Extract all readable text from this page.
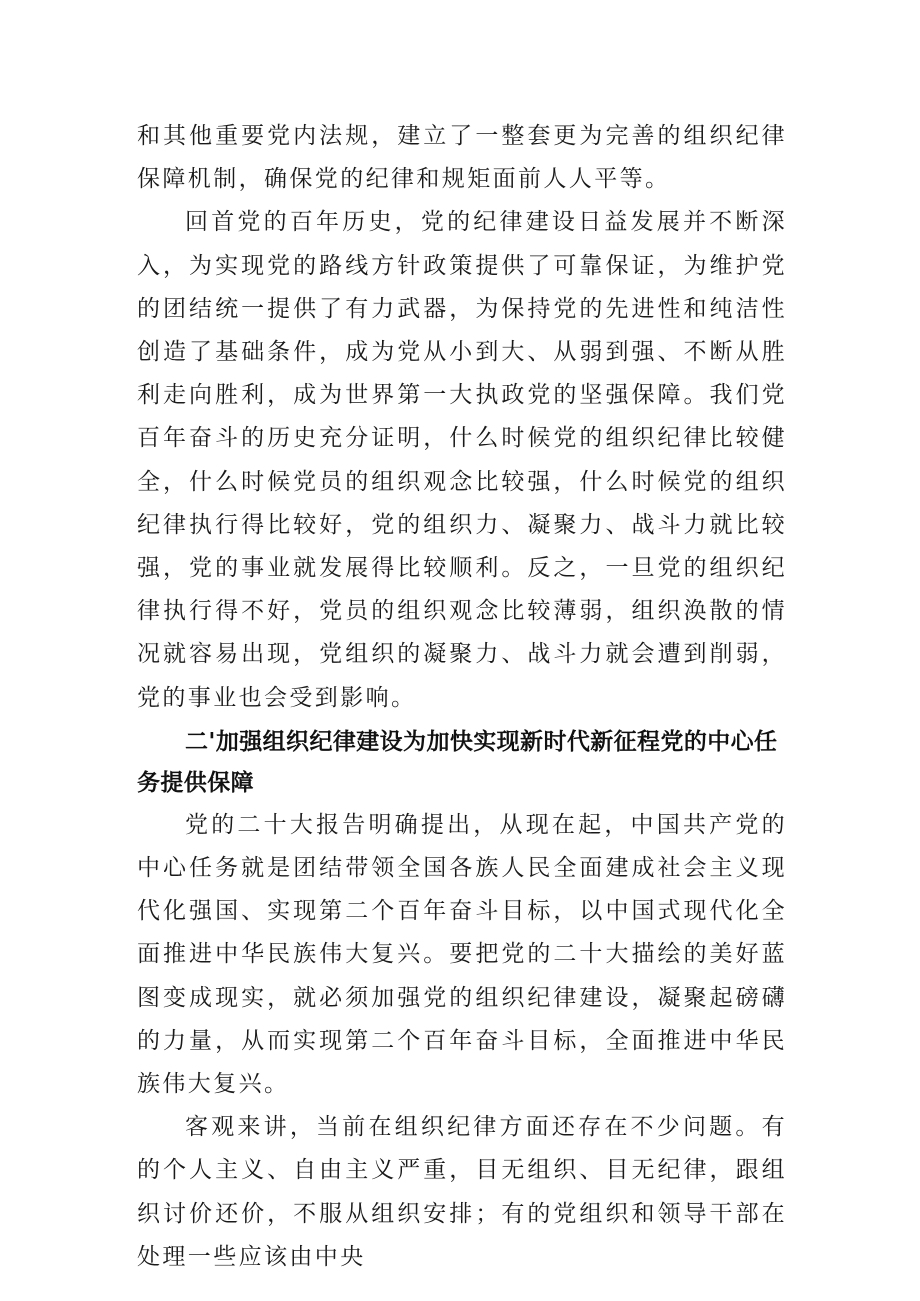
和其他重要党内法规，建立了一整套更为完善的组织纪律保障机制，确保党的纪律和规矩面前人人平等。

回首党的百年历史，党的纪律建设日益发展并不断深入，为实现党的路线方针政策提供了可靠保证，为维护党的团结统一提供了有力武器，为保持党的先进性和纯洁性创造了基础条件，成为党从小到大、从弱到强、不断从胜利走向胜利，成为世界第一大执政党的坚强保障。我们党百年奋斗的历史充分证明，什么时候党的组织纪律比较健全，什么时候党员的组织观念比较强，什么时候党的组织纪律执行得比较好，党的组织力、凝聚力、战斗力就比较强，党的事业就发展得比较顺利。反之，一旦党的组织纪律执行得不好，党员的组织观念比较薄弱，组织涣散的情况就容易出现，党组织的凝聚力、战斗力就会遭到削弱，党的事业也会受到影响。

二'加强组织纪律建设为加快实现新时代新征程党的中心任务提供保障

党的二十大报告明确提出，从现在起，中国共产党的中心任务就是团结带领全国各族人民全面建成社会主义现代化强国、实现第二个百年奋斗目标，以中国式现代化全面推进中华民族伟大复兴。要把党的二十大描绘的美好蓝图变成现实，就必须加强党的组织纪律建设，凝聚起磅礴的力量，从而实现第二个百年奋斗目标，全面推进中华民族伟大复兴。

客观来讲，当前在组织纪律方面还存在不少问题。有的个人主义、自由主义严重，目无组织、目无纪律，跟组织讨价还价，不服从组织安排；有的党组织和领导干部在处理一些应该由中央
